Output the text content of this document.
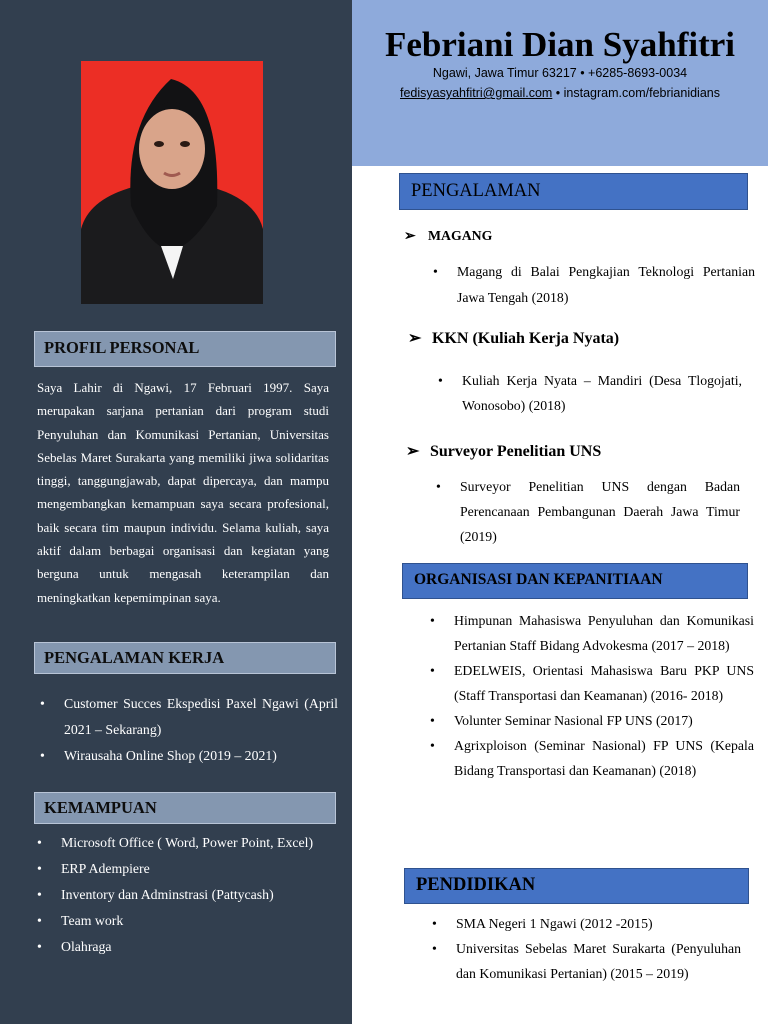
PROFIL PERSONAL
Saya Lahir di Ngawi, 17 Februari 1997. Saya merupakan sarjana pertanian dari program studi Penyuluhan dan Komunikasi Pertanian, Universitas Sebelas Maret Surakarta yang memiliki jiwa solidaritas tinggi, tanggungjawab, dapat dipercaya, dan mampu mengembangkan kemampuan saya secara profesional, baik secara tim maupun individu. Selama kuliah, saya aktif dalam berbagai organisasi dan kegiatan yang berguna untuk mengasah keterampilan dan meningkatkan kepemimpinan saya.
PENGALAMAN KERJA
• Customer Succes Ekspedisi Paxel Ngawi (April 2021 – Sekarang)
• Wirausaha Online Shop (2019 – 2021)
KEMAMPUAN
• Microsoft Office ( Word, Power Point, Excel)
• ERP Adempiere
• Inventory dan Adminstrasi (Pattycash)
• Team work
• Olahraga
Febriani Dian Syahfitri
Ngawi, Jawa Timur 63217 • +6285-8693-0034
fedisyasyahfitri@gmail.com • instagram.com/febrianidians
PENGALAMAN
➢ MAGANG
• Magang di Balai Pengkajian Teknologi Pertanian Jawa Tengah (2018)
➢ KKN (Kuliah Kerja Nyata)
• Kuliah Kerja Nyata – Mandiri (Desa Tlogojati, Wonosobo) (2018)
➢ Surveyor Penelitian UNS
• Surveyor Penelitian UNS dengan Badan Perencanaan Pembangunan Daerah Jawa Timur (2019)
ORGANISASI DAN KEPANITIAAN
• Himpunan Mahasiswa Penyuluhan dan Komunikasi Pertanian Staff Bidang Advokesma (2017 – 2018)
• EDELWEIS, Orientasi Mahasiswa Baru PKP UNS (Staff Transportasi dan Keamanan) (2016- 2018)
• Volunter Seminar Nasional FP UNS (2017)
• Agrixploison (Seminar Nasional) FP UNS (Kepala Bidang Transportasi dan Keamanan) (2018)
PENDIDIKAN
• SMA Negeri 1 Ngawi (2012 -2015)
• Universitas Sebelas Maret Surakarta (Penyuluhan dan Komunikasi Pertanian) (2015 – 2019)
